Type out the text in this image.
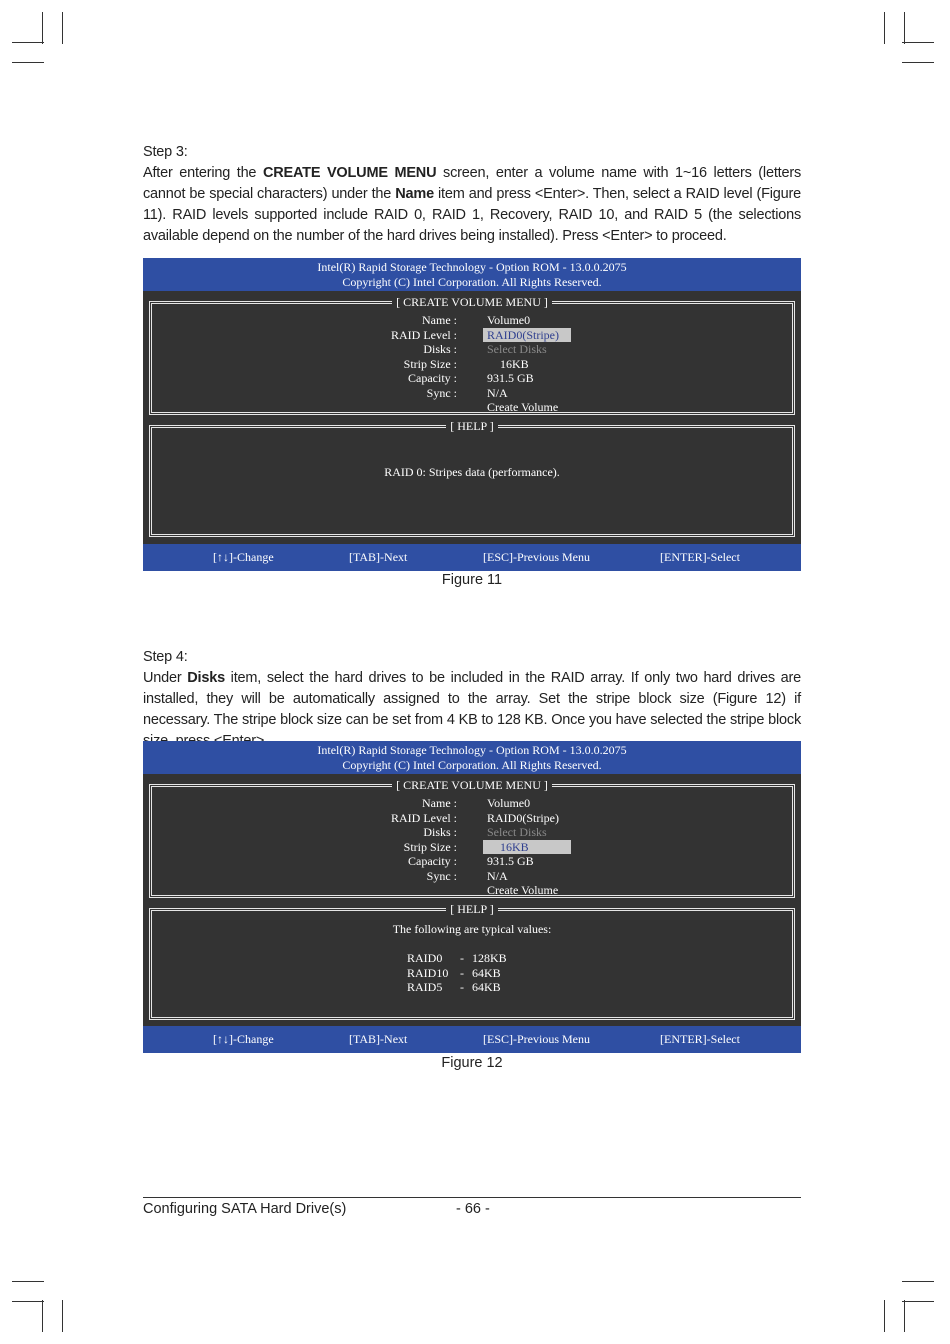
Step 3:

After entering the CREATE VOLUME MENU screen, enter a volume name with 1~16 letters (letters cannot be special characters) under the Name item and press <Enter>. Then, select a RAID level (Figure 11). RAID levels supported include RAID 0, RAID 1, Recovery, RAID 10, and RAID 5 (the selections available depend on the number of the hard drives being installed). Press <Enter> to proceed.

Intel(R) Rapid Storage Technology - Option ROM - 13.0.0.2075
Copyright (C) Intel Corporation. All Rights Reserved.
[ CREATE VOLUME MENU ]
Name :	Volume0
RAID Level :	RAID0(Stripe)
Disks :	Select Disks
Strip Size :	16KB
Capacity :	931.5 GB
Sync :	N/A
Create Volume
[ HELP ]
RAID 0: Stripes data (performance).
[↑↓]-Change	[TAB]-Next	[ESC]-Previous Menu	[ENTER]-Select
Figure 11

Step 4:

Under Disks item, select the hard drives to be included in the RAID array. If only two hard drives are installed, they will be automatically assigned to the array. Set the stripe block size (Figure 12) if necessary. The stripe block size can be set from 4 KB to 128 KB. Once you have selected the stripe block

Intel(R) Rapid Storage Technology - Option ROM - 13.0.0.2075
Copyright (C) Intel Corporation. All Rights Reserved.
[ CREATE VOLUME MENU ]
Name :	Volume0
RAID Level :	RAID0(Stripe)
Disks :	Select Disks
Strip Size :	16KB
Capacity :	931.5 GB
Sync :	N/A
Create Volume
[ HELP ]
The following are typical values:
RAID0 - 128KB
RAID10 - 64KB
RAID5 - 64KB
[↑↓]-Change	[TAB]-Next	[ESC]-Previous Menu	[ENTER]-Select
Figure 12
Configuring SATA Hard Drive(s)	- 66 -
